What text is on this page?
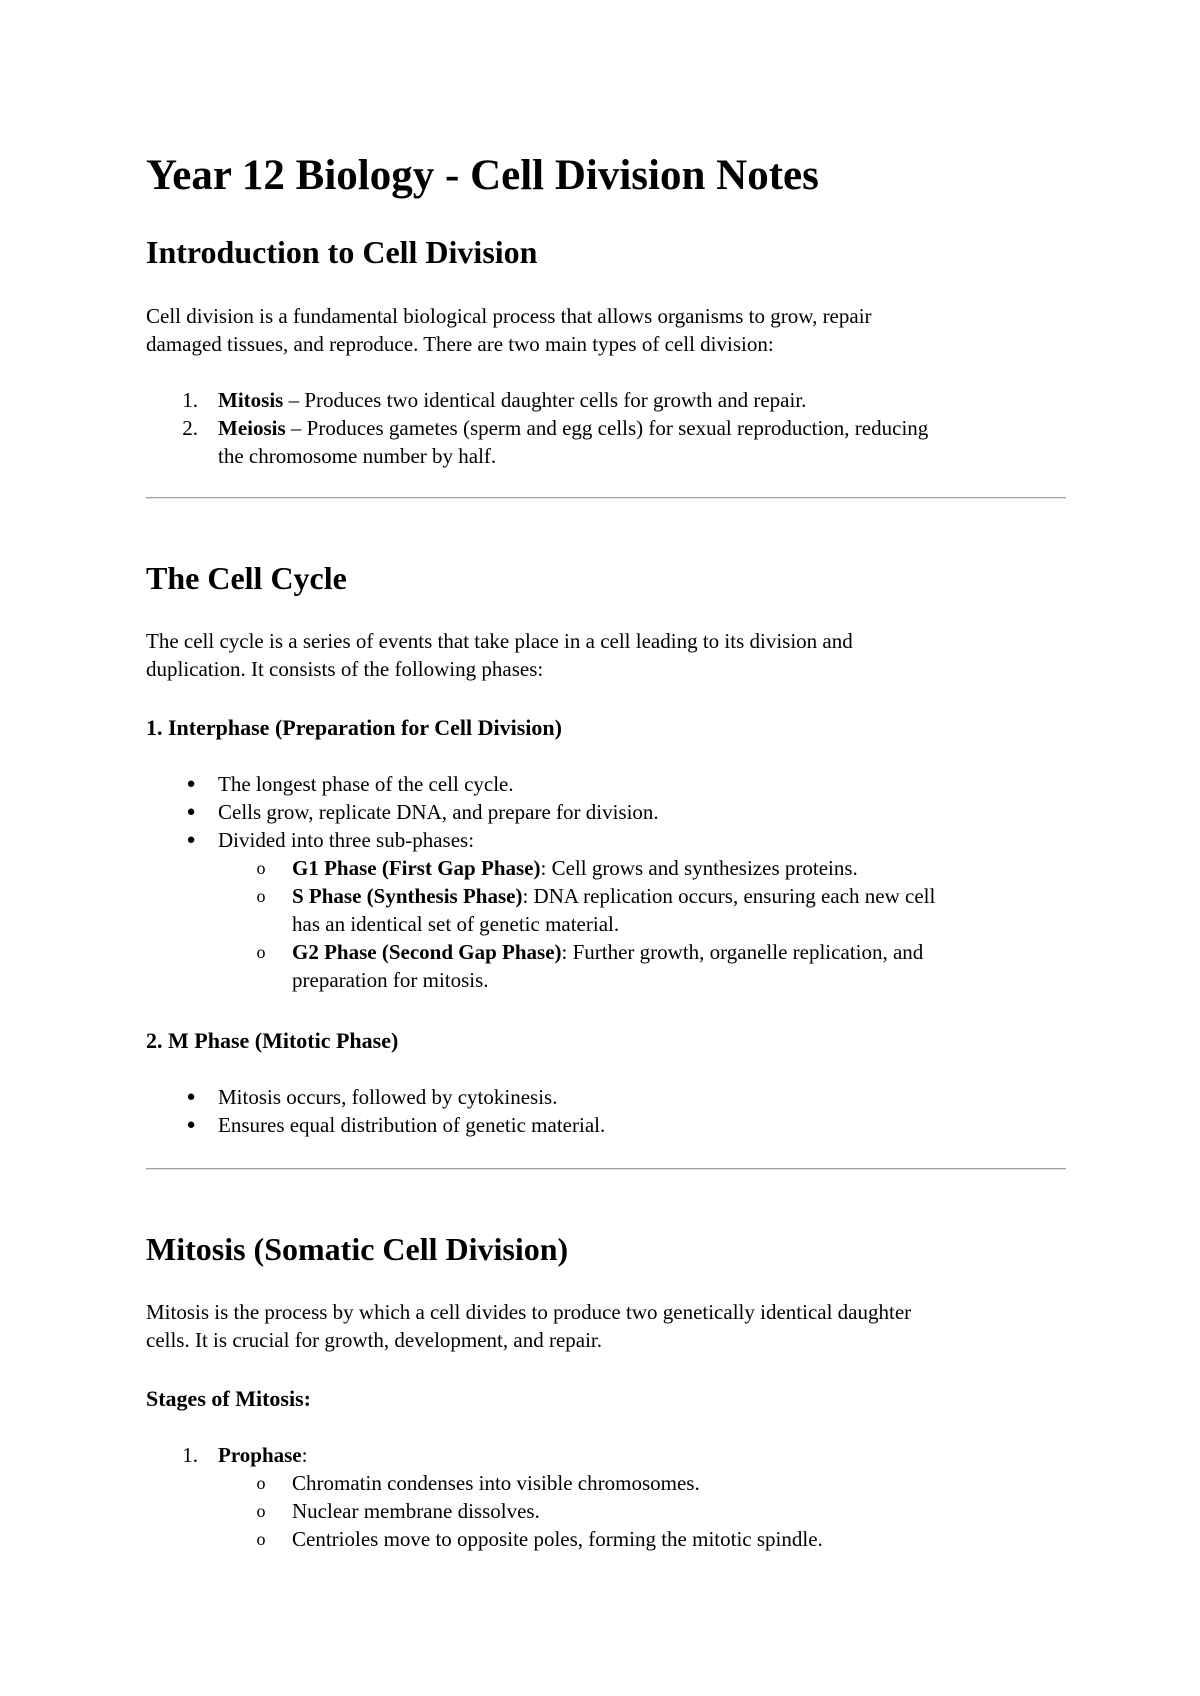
Year 12 Biology - Cell Division Notes
Introduction to Cell Division

Cell division is a fundamental biological process that allows organisms to grow, repair
damaged tissues, and reproduce. There are two main types of cell division:

1. Mitosis – Produces two identical daughter cells for growth and repair.
2. Meiosis – Produces gametes (sperm and egg cells) for sexual reproduction, reducing
the chromosome number by half.
The Cell Cycle

The cell cycle is a series of events that take place in a cell leading to its division and
duplication. It consists of the following phases:

1. Interphase (Preparation for Cell Division)
● The longest phase of the cell cycle.
● Cells grow, replicate DNA, and prepare for division.
● Divided into three sub-phases:
o G1 Phase (First Gap Phase): Cell grows and synthesizes proteins.
o S Phase (Synthesis Phase): DNA replication occurs, ensuring each new cell
has an identical set of genetic material.
o G2 Phase (Second Gap Phase): Further growth, organelle replication, and
preparation for mitosis.
2. M Phase (Mitotic Phase)
● Mitosis occurs, followed by cytokinesis.
● Ensures equal distribution of genetic material.
Mitosis (Somatic Cell Division)

Mitosis is the process by which a cell divides to produce two genetically identical daughter
cells. It is crucial for growth, development, and repair.

Stages of Mitosis:
1. Prophase:
o Chromatin condenses into visible chromosomes.
o Nuclear membrane dissolves.
o Centrioles move to opposite poles, forming the mitotic spindle.
